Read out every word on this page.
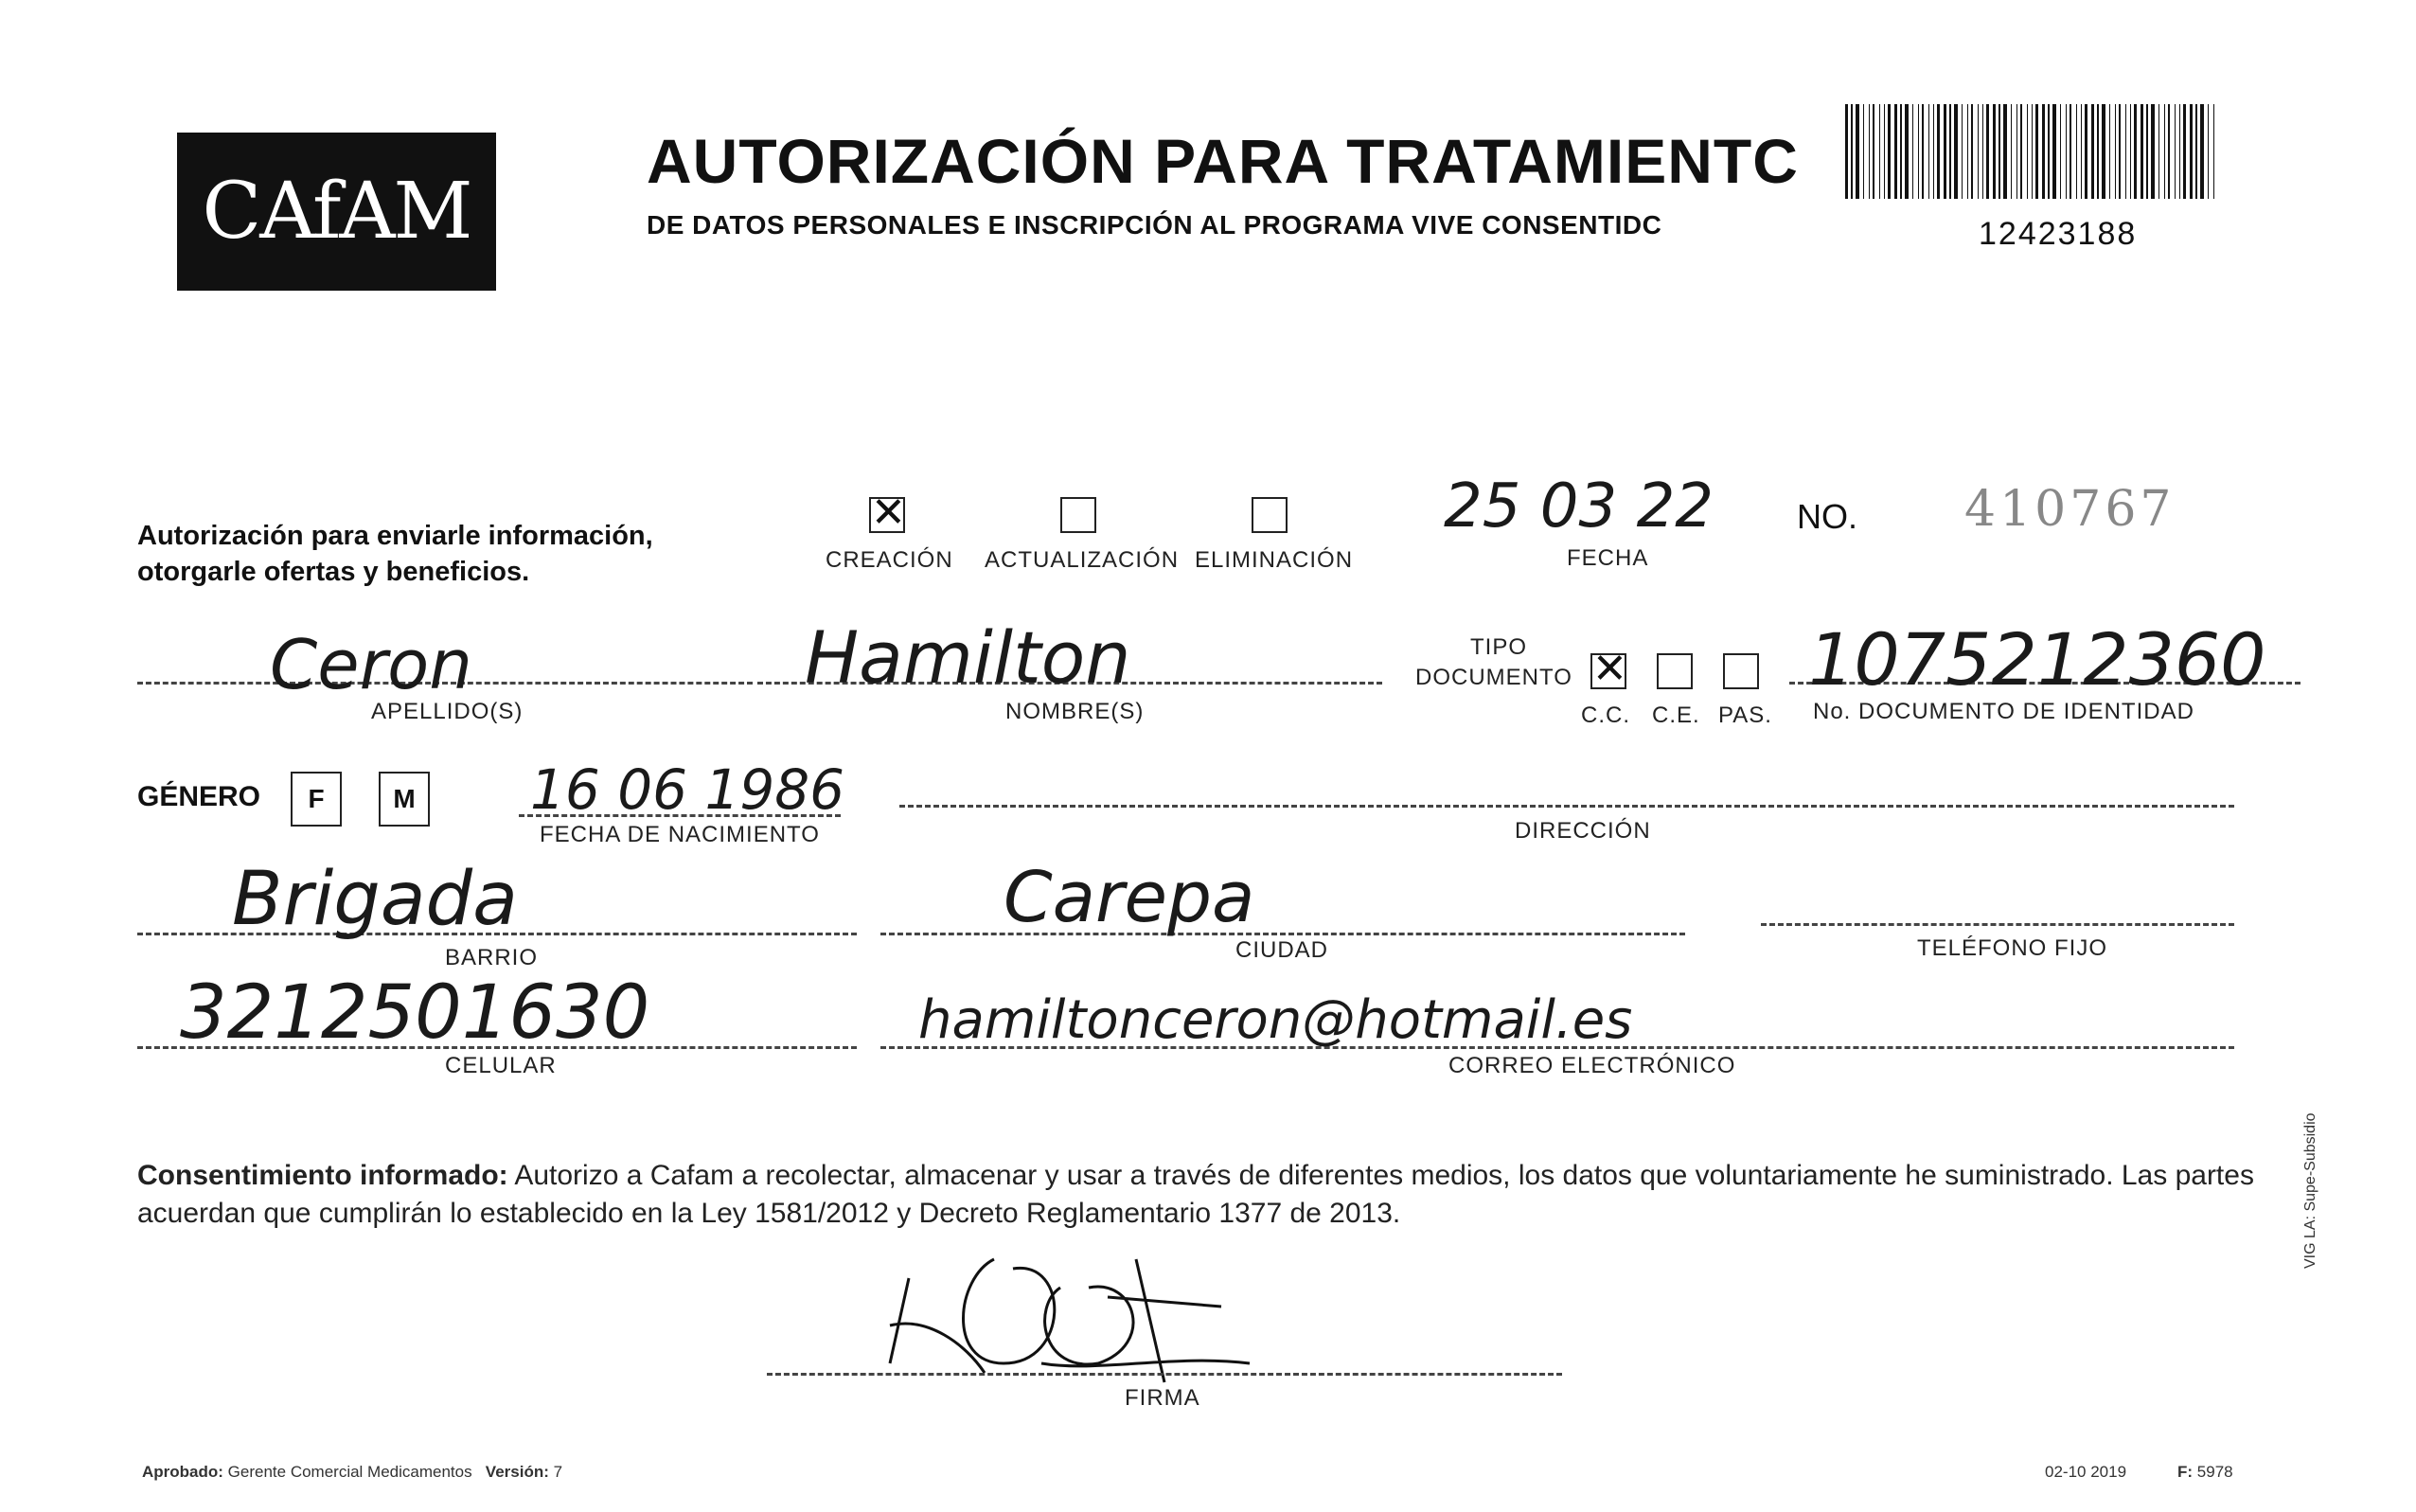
CAfAM
AUTORIZACIÓN PARA TRATAMIENTC
DE DATOS PERSONALES E INSCRIPCIÓN AL PROGRAMA VIVE CONSENTIDC	12423188
Autorización para enviarle información,
otorgarle ofertas y beneficios.
✕
CREACIÓN ACTUALIZACIÓN ELIMINACIÓN
25 03 22
FECHA
NO. 410767
Ceron
APELLIDO(S)
Hamilton
NOMBRE(S)
TIPO
DOCUMENTO ✕
C.C. C.E. PAS.
1075212360
No. DOCUMENTO DE IDENTIDAD
GÉNERO	F	M 16 06 1986
FECHA DE NACIMIENTO	DIRECCIÓN
Brigada
BARRIO
Carepa
CIUDAD	TELÉFONO FIJO
3212501630
CELULAR
hamiltonceron@hotmail.es
CORREO ELECTRÓNICO
Consentimiento informado: Autorizo a Cafam a recolectar, almacenar y usar a través de diferentes medios, los datos que voluntariamente he suministrado. Las partes acuerdan que cumplirán lo establecido en la Ley 1581/2012 y Decreto Reglamentario 1377 de 2013.
FIRMA
Aprobado: Gerente Comercial Medicamentos Versión: 7	02-10 2019	F: 5978
VIG LA: Supe-Subsidio
